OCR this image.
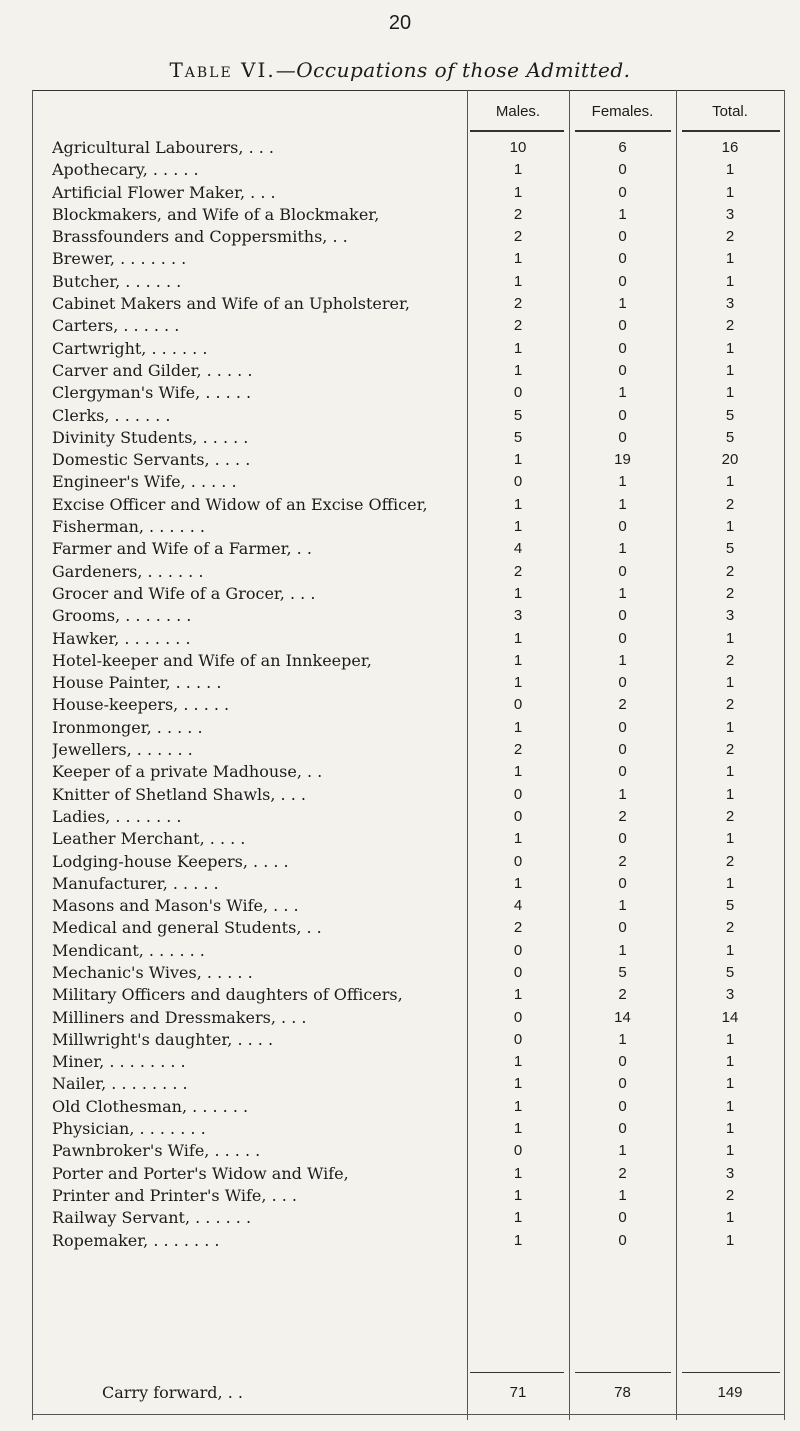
20
Table VI.—Occupations of those Admitted.
Males.	Females.	Total.
Agricultural Labourers, . . .	10	6	16
Apothecary, . . . . .	1	0	1
Artificial Flower Maker, . . .	1	0	1
Blockmakers, and Wife of a Blockmaker,	2	1	3
Brassfounders and Coppersmiths, . .	2	0	2
Brewer, . . . . . . .	1	0	1
Butcher, . . . . . .	1	0	1
Cabinet Makers and Wife of an Upholsterer,	2	1	3
Carters, . . . . . .	2	0	2
Cartwright, . . . . . .	1	0	1
Carver and Gilder, . . . . .	1	0	1
Clergyman's Wife, . . . . .	0	1	1
Clerks, . . . . . .	5	0	5
Divinity Students, . . . . .	5	0	5
Domestic Servants, . . . .	1	19	20
Engineer's Wife, . . . . .	0	1	1
Excise Officer and Widow of an Excise Officer,	1	1	2
Fisherman, . . . . . .	1	0	1
Farmer and Wife of a Farmer, . .	4	1	5
Gardeners, . . . . . .	2	0	2
Grocer and Wife of a Grocer, . . .	1	1	2
Grooms, . . . . . . .	3	0	3
Hawker, . . . . . . .	1	0	1
Hotel-keeper and Wife of an Innkeeper,	1	1	2
House Painter, . . . . .	1	0	1
House-keepers, . . . . .	0	2	2
Ironmonger, . . . . .	1	0	1
Jewellers, . . . . . .	2	0	2
Keeper of a private Madhouse, . .	1	0	1
Knitter of Shetland Shawls, . . .	0	1	1
Ladies, . . . . . . .	0	2	2
Leather Merchant, . . . .	1	0	1
Lodging-house Keepers, . . . .	0	2	2
Manufacturer, . . . . .	1	0	1
Masons and Mason's Wife, . . .	4	1	5
Medical and general Students, . .	2	0	2
Mendicant, . . . . . .	0	1	1
Mechanic's Wives, . . . . .	0	5	5
Military Officers and daughters of Officers,	1	2	3
Milliners and Dressmakers, . . .	0	14	14
Millwright's daughter, . . . .	0	1	1
Miner, . . . . . . . .	1	0	1
Nailer, . . . . . . . .	1	0	1
Old Clothesman, . . . . . .	1	0	1
Physician, . . . . . . .	1	0	1
Pawnbroker's Wife, . . . . .	0	1	1
Porter and Porter's Widow and Wife,	1	2	3
Printer and Printer's Wife, . . .	1	1	2
Railway Servant, . . . . . .	1	0	1
Ropemaker, . . . . . . .	1	0	1
Carry forward, . .	71	78	149
